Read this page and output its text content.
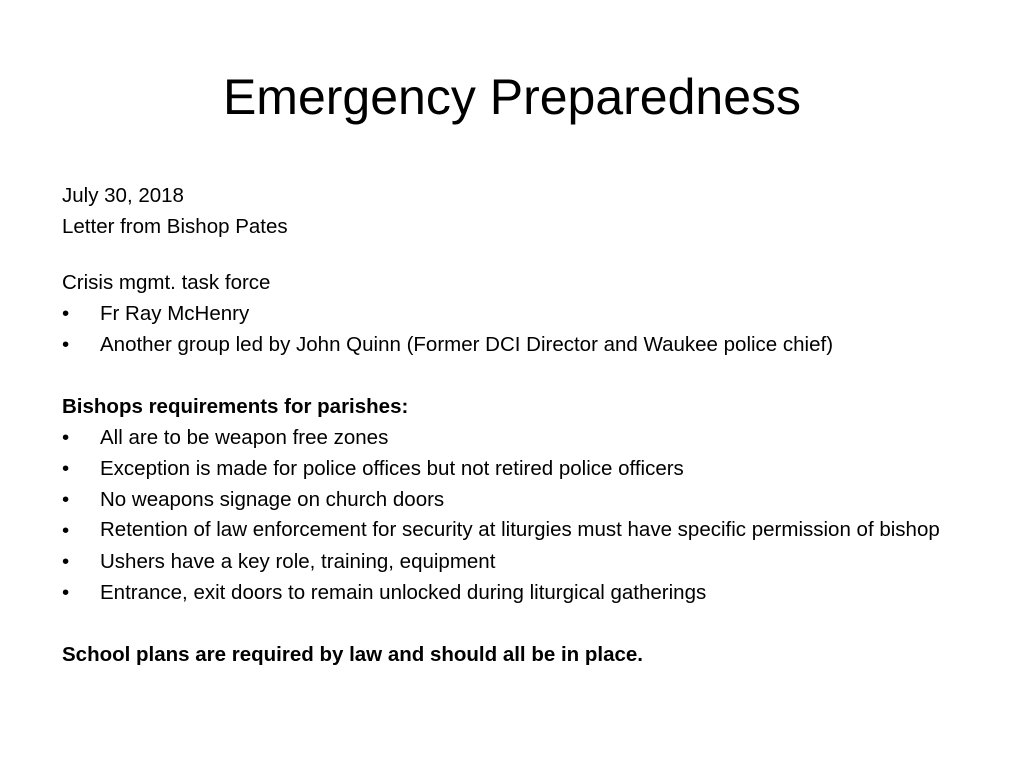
Emergency Preparedness

July 30, 2018

Letter from Bishop Pates

Crisis mgmt. task force

• Fr Ray McHenry
• Another group led by John Quinn (Former DCI Director and Waukee police chief)

Bishops requirements for parishes:

• All are to be weapon free zones
• Exception is made for police offices but not retired police officers
• No weapons signage on church doors
• Retention of law enforcement for security at liturgies must have specific permission of bishop
• Ushers have a key role, training, equipment
• Entrance, exit doors to remain unlocked during liturgical gatherings

School plans are required by law and should all be in place.
